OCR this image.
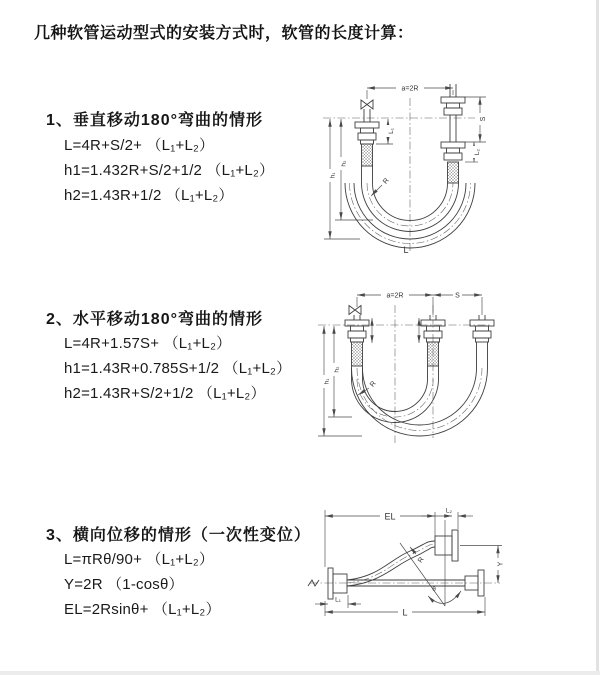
几种软管运动型式的安装方式时，软管的长度计算：
1、垂直移动180°弯曲的情形
L=4R+S/2+ （L₁+L₂）
h1=1.432R+S/2+1/2 （L₁+L₂）
h2=1.43R+1/2 （L₁+L₂）
2、水平移动180°弯曲的情形
L=4R+1.57S+ （L₁+L₂）
h1=1.43R+0.785S+1/2 （L₁+L₂）
h2=1.43R+S/2+1/2 （L₁+L₂）
3、横向位移的情形（一次性变位）
L=πRθ/90+ （L₁+L₂）
Y=2R （1-cosθ）
EL=2Rsinθ+ （L₁+L₂）
a=2R
S
L₂
L₁
h₂
h₁
R
L
a=2R	S
h₂
h₁	R
EL
L₂
Y
L
L₁
θ
R
